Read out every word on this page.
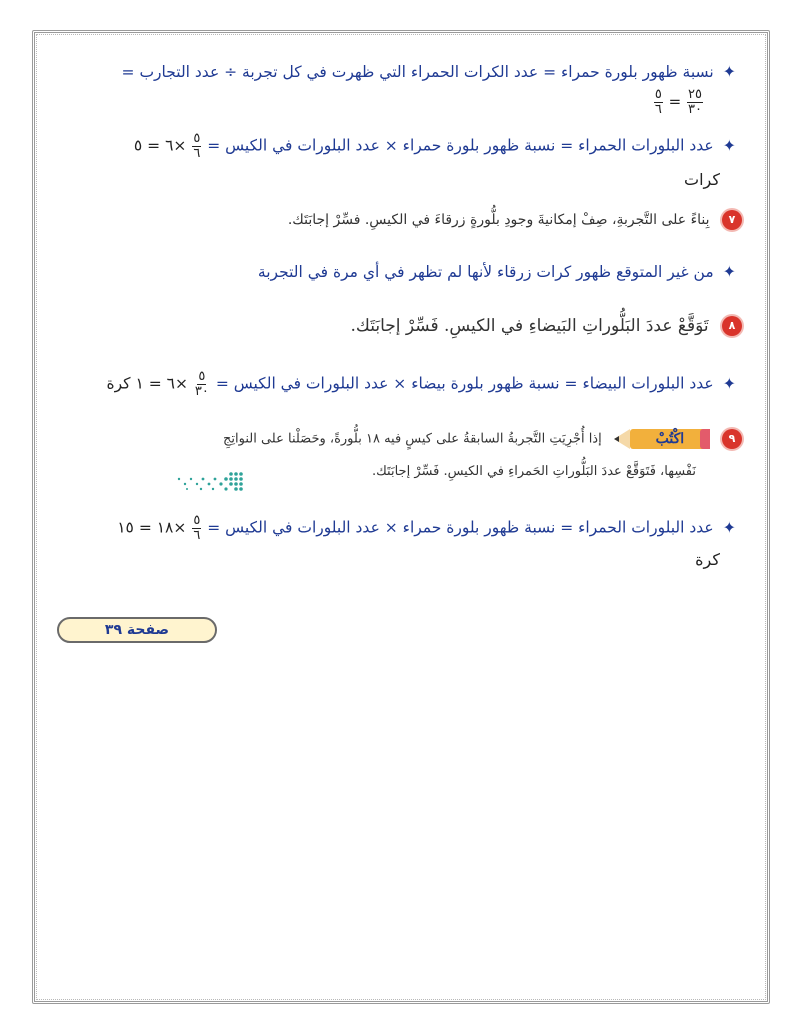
✦ نسبة ظهور بلورة حمراء = عدد الكرات الحمراء التي ظهرت في كل تجربة ÷ عدد التجارب =
$\frac{٢٥}{٣٠}$
=
$\frac{٥}{٦}$
✦ عدد البلورات الحمراء = نسبة ظهور بلورة حمراء × عدد البلورات في الكيس =
$\frac{٥}{٦}$
×٦ = ٥
كرات
٧ بِناءً على التَّجربةِ، صِفْ إمكانيةَ وجودِ بلُّورةٍ زرقاءَ في الكيسِ. فسِّرْ إجابَتَك.
✦ من غير المتوقع ظهور كرات زرقاء لأنها لم تظهر في أي مرة في التجربة
٨ تَوَقَّعْ عددَ البَلُّوراتِ البَيضاءِ في الكيسِ. فَسِّرْ إجابَتَك.
✦ عدد البلورات البيضاء = نسبة ظهور بلورة بيضاء × عدد البلورات في الكيس =
$\frac{٥}{٣٠}$
×٦ = ١ كرة
٩
اكْتُبْ
إذا أُجْرِيَتِ التَّجربةُ السابقةُ على كيسٍ فيه ١٨ بلُّورةً، وحَصَلْنا على النواتِجِ
نَفْسِها، فَتَوَقَّعْ عددَ البَلُّوراتِ الحَمراءِ في الكيسِ. فَسِّرْ إجابَتَك.
✦ عدد البلورات الحمراء = نسبة ظهور بلورة حمراء × عدد البلورات في الكيس =
$\frac{٥}{٦}$
×١٨ = ١٥
كرة
صفحة ٣٩
